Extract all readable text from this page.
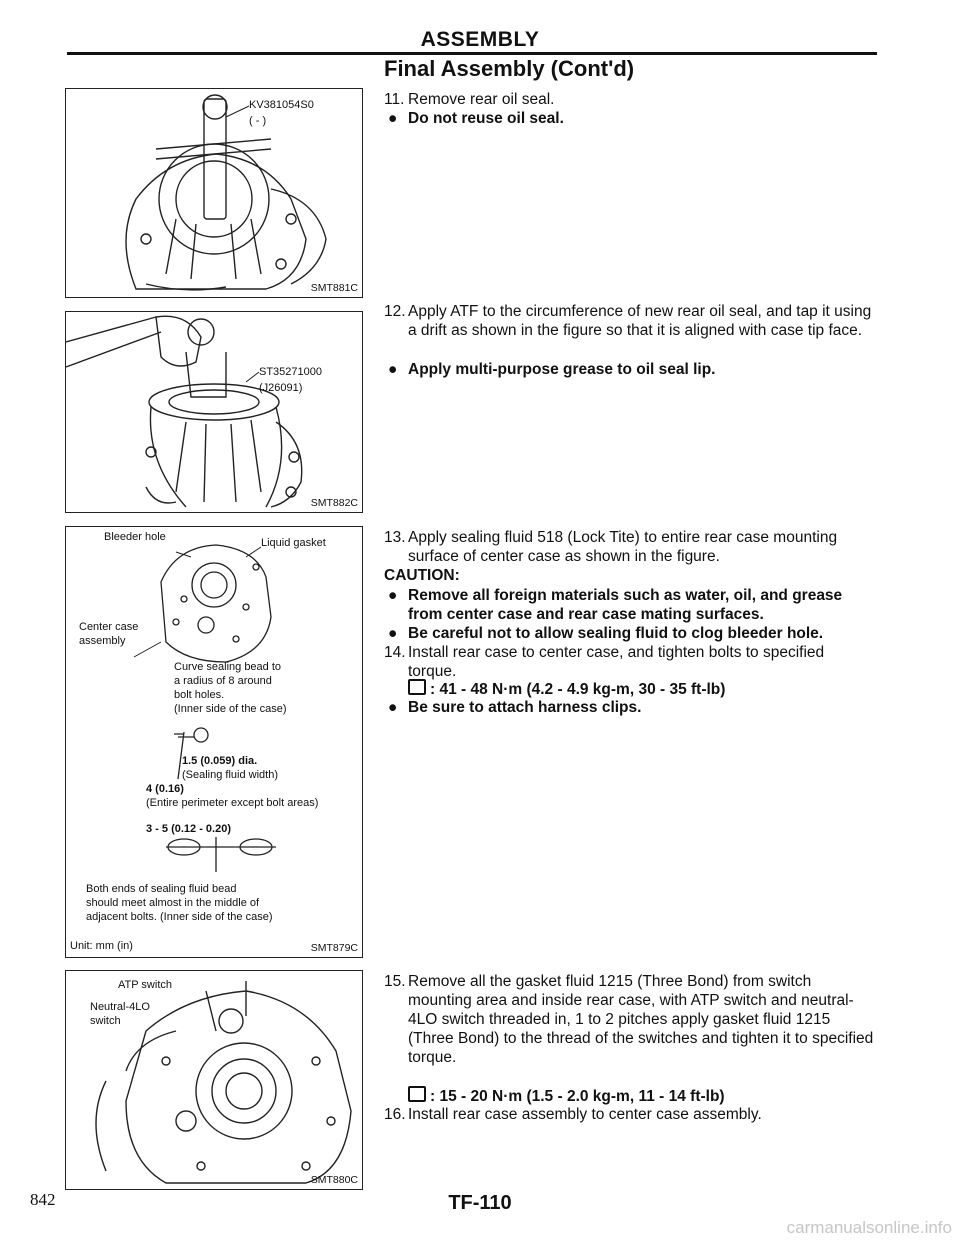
ASSEMBLY
Final Assembly (Cont'd)
KV381054S0
( - )
SMT881C
ST35271000
(J26091)
SMT882C
Bleeder hole	Liquid gasket
Center case
assembly
Curve sealing bead to
a radius of 8 around
bolt holes.
(Inner side of the case)
1.5 (0.059) dia.
(Sealing fluid width)
4 (0.16)
(Entire perimeter except bolt areas)
3 - 5 (0.12 - 0.20)
Both ends of sealing fluid bead
should meet almost in the middle of
adjacent bolts. (Inner side of the case)
Unit: mm (in)	SMT879C
ATP switch
Neutral-4LO
switch
SMT880C
11. Remove rear oil seal.
● Do not reuse oil seal.
12. Apply ATF to the circumference of new rear oil seal, and tap it using a drift as shown in the figure so that it is aligned with case tip face.
● Apply multi-purpose grease to oil seal lip.
13. Apply sealing fluid 518 (Lock Tite) to entire rear case mounting surface of center case as shown in the figure.
CAUTION:
● Remove all foreign materials such as water, oil, and grease from center case and rear case mating surfaces.
● Be careful not to allow sealing fluid to clog bleeder hole.
14. Install rear case to center case, and tighten bolts to specified torque.
: 41 - 48 N·m (4.2 - 4.9 kg-m, 30 - 35 ft-lb)
● Be sure to attach harness clips.
15. Remove all the gasket fluid 1215 (Three Bond) from switch mounting area and inside rear case, with ATP switch and neutral-4LO switch threaded in, 1 to 2 pitches apply gasket fluid 1215 (Three Bond) to the thread of the switches and tighten it to specified torque.
: 15 - 20 N·m (1.5 - 2.0 kg-m, 11 - 14 ft-lb)
16. Install rear case assembly to center case assembly.
842	TF-110
carmanualsonline.info
